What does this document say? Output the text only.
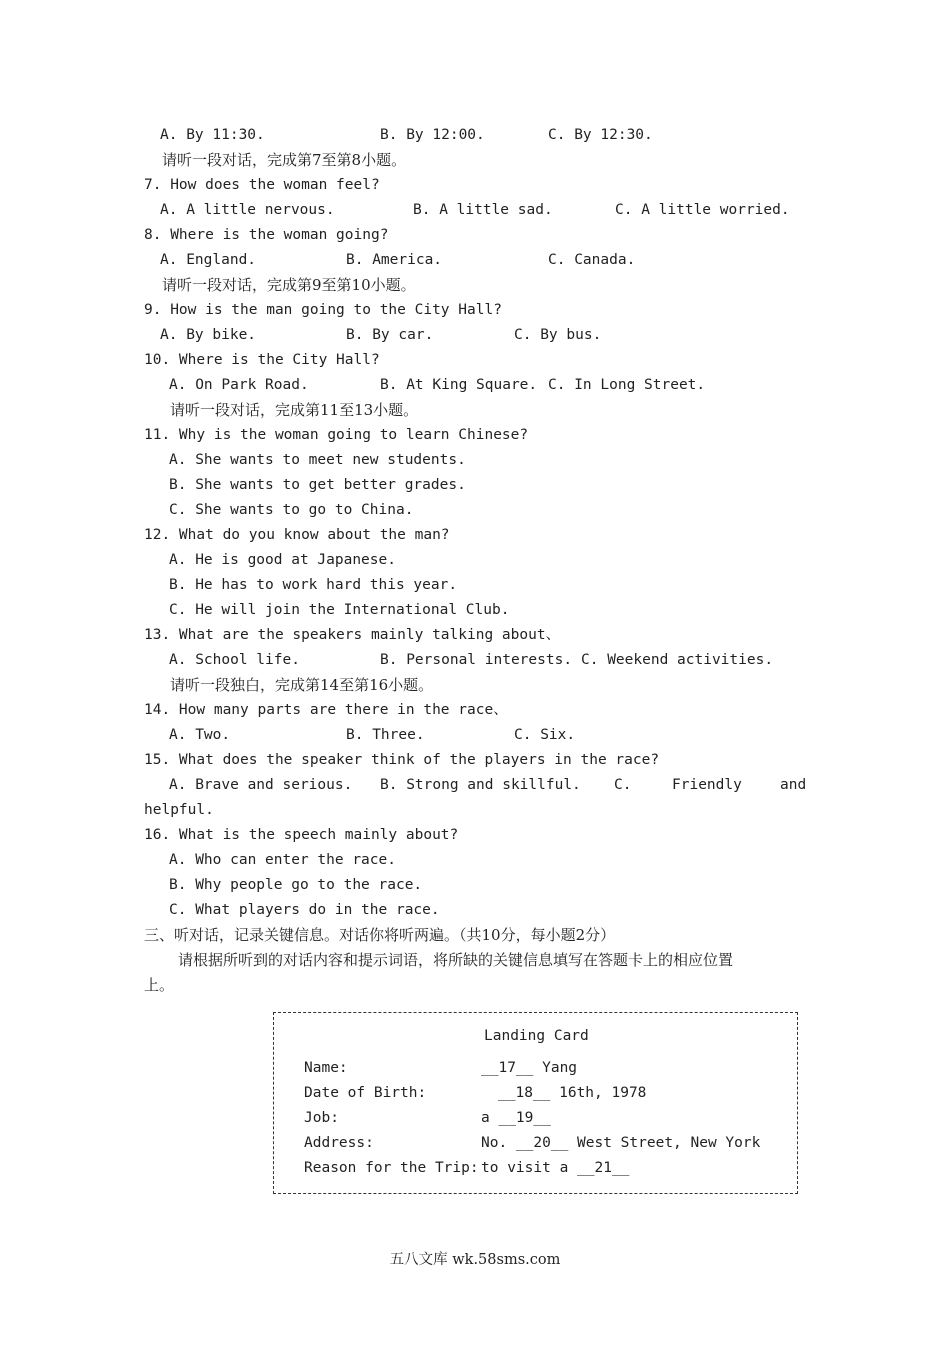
A. By 11:30.	B. By 12:00.	C. By 12:30.
请听一段对话，完成第7至第8小题。
7. How does the woman feel?
A. A little nervous.	B. A little sad.	C. A little worried.
8. Where is the woman going?
A. England.	B. America.	C. Canada.
请听一段对话，完成第9至第10小题。
9. How is the man going to the City Hall?
A. By bike.	B. By car.	C. By bus.
10. Where is the City Hall?
A. On Park Road.	B. At King Square. C. In Long Street.
请听一段对话，完成第11至13小题。
11. Why is the woman going to learn Chinese?
A. She wants to meet new students.
B. She wants to get better grades.
C. She wants to go to China.
12. What do you know about the man?
A. He is good at Japanese.
B. He has to work hard this year.
C. He will join the International Club.
13. What are the speakers mainly talking about、
A. School life.	B. Personal interests. C. Weekend activities.
请听一段独白，完成第14至第16小题。
14. How many parts are there in the race、
A. Two.	B. Three.	C. Six.
15. What does the speaker think of the players in the race?
A. Brave and serious. B. Strong and skillful. C.	Friendly	and
helpful.
16. What is the speech mainly about?
A. Who can enter the race.
B. Why people go to the race.
C. What players do in the race.
三、听对话，记录关键信息。对话你将听两遍。（共10分，每小题2分）
请根据所听到的对话内容和提示词语，将所缺的关键信息填写在答题卡上的相应位置
上。
Landing Card
Name:	__17__ Yang
Date of Birth:	__18__ 16th, 1978
Job:	a __19__
Address:	No. __20__ West Street, New York
Reason for the Trip: to visit a __21__
五八文库 wk.58sms.com
